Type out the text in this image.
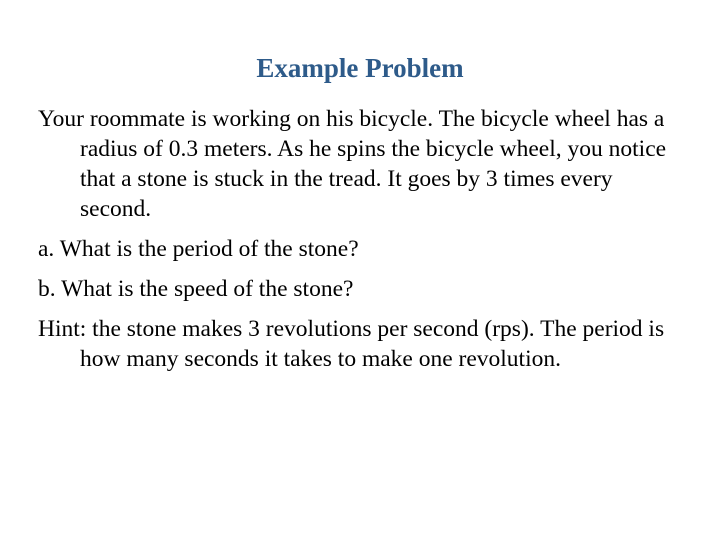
Example Problem

Your roommate is working on his bicycle. The bicycle wheel has a radius of 0.3 meters. As he spins the bicycle wheel, you notice that a stone is stuck in the tread. It goes by 3 times every second.

a. What is the period of the stone?

b. What is the speed of the stone?

Hint: the stone makes 3 revolutions per second (rps). The period is how many seconds it takes to make one revolution.
